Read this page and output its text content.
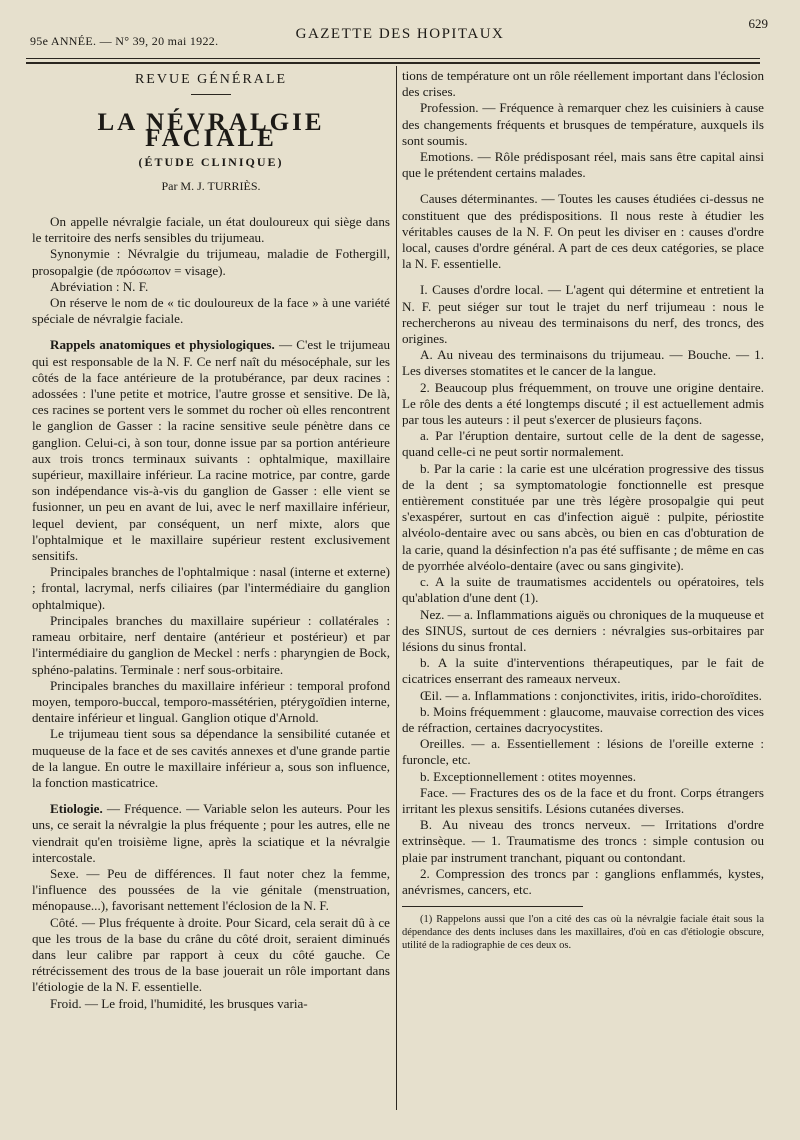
95e ANNÉE. — N° 39, 20 mai 1922.	GAZETTE DES HOPITAUX
629
REVUE GÉNÉRALE
LA NÉVRALGIE FACIALE
(ÉTUDE CLINIQUE)
Par M. J. TURRIÈS.

On appelle névralgie faciale, un état douloureux qui siège dans le territoire des nerfs sensibles du trijumeau.

Synonymie : Névralgie du trijumeau, maladie de Fothergill, prosopalgie (de πρόσωπον = visage).

Abréviation : N. F.

On réserve le nom de « tic douloureux de la face » à une variété spéciale de névralgie faciale.

Rappels anatomiques et physiologiques. — C'est le trijumeau qui est responsable de la N. F. Ce nerf naît du mésocéphale, sur les côtés de la face antérieure de la protubérance, par deux racines : adossées : l'une petite et motrice, l'autre grosse et sensitive. De là, ces racines se portent vers le sommet du rocher où elles rencontrent le ganglion de Gasser : la racine sensitive seule pénètre dans ce ganglion. Celui-ci, à son tour, donne issue par sa portion antérieure aux trois troncs terminaux suivants : ophtalmique, maxillaire supérieur, maxillaire inférieur. La racine motrice, par contre, garde son indépendance vis-à-vis du ganglion de Gasser : elle vient se fusionner, un peu en avant de lui, avec le nerf maxillaire inférieur, lequel devient, par conséquent, un nerf mixte, alors que l'ophtalmique et le maxillaire supérieur restent exclusivement sensitifs.

Principales branches de l'ophtalmique : nasal (interne et externe) ; frontal, lacrymal, nerfs ciliaires (par l'intermédiaire du ganglion ophtalmique).

Principales branches du maxillaire supérieur : collatérales : rameau orbitaire, nerf dentaire (antérieur et postérieur) et par l'intermédiaire du ganglion de Meckel : nerfs : pharyngien de Bock, sphéno-palatins. Terminale : nerf sous-orbitaire.

Principales branches du maxillaire inférieur : temporal profond moyen, temporo-buccal, temporo-massétérien, ptérygoïdien interne, dentaire inférieur et lingual. Ganglion otique d'Arnold.

Le trijumeau tient sous sa dépendance la sensibilité cutanée et muqueuse de la face et de ses cavités annexes et d'une grande partie de la langue. En outre le maxillaire inférieur a, sous son influence, la fonction masticatrice.

Etiologie. — Fréquence. — Variable selon les auteurs. Pour les uns, ce serait la névralgie la plus fréquente ; pour les autres, elle ne viendrait qu'en troisième ligne, après la sciatique et la névralgie intercostale.

Sexe. — Peu de différences. Il faut noter chez la femme, l'influence des poussées de la vie génitale (menstruation, ménopause...), favorisant nettement l'éclosion de la N. F.

Côté. — Plus fréquente à droite. Pour Sicard, cela serait dû à ce que les trous de la base du crâne du côté droit, seraient diminués dans leur calibre par rapport à ceux du côté gauche. Ce rétrécissement des trous de la base jouerait un rôle important dans l'étiologie de la N. F. essentielle.

Froid. — Le froid, l'humidité, les brusques varia-

tions de température ont un rôle réellement important dans l'éclosion des crises.

Profession. — Fréquence à remarquer chez les cuisiniers à cause des changements fréquents et brusques de température, auxquels ils sont soumis.

Emotions. — Rôle prédisposant réel, mais sans être capital ainsi que le prétendent certains malades.

Causes déterminantes. — Toutes les causes étudiées ci-dessus ne constituent que des prédispositions. Il nous reste à étudier les véritables causes de la N. F. On peut les diviser en : causes d'ordre local, causes d'ordre général. A part de ces deux catégories, se place la N. F. essentielle.

I. Causes d'ordre local. — L'agent qui détermine et entretient la N. F. peut siéger sur tout le trajet du nerf trijumeau : nous le rechercherons au niveau des terminaisons du nerf, des troncs, des origines.

A. Au niveau des terminaisons du trijumeau. — Bouche. — 1. Les diverses stomatites et le cancer de la langue.

2. Beaucoup plus fréquemment, on trouve une origine dentaire. Le rôle des dents a été longtemps discuté ; il est actuellement admis par tous les auteurs : il peut s'exercer de plusieurs façons.

a. Par l'éruption dentaire, surtout celle de la dent de sagesse, quand celle-ci ne peut sortir normalement.

b. Par la carie : la carie est une ulcération progressive des tissus de la dent ; sa symptomatologie fonctionnelle est presque entièrement constituée par une très légère prosopalgie qui peut s'exaspérer, surtout en cas d'infection aiguë : pulpite, périostite alvéolo-dentaire avec ou sans abcès, ou bien en cas d'obturation de la carie, quand la désinfection n'a pas été suffisante ; de même en cas de pyorrhée alvéolo-dentaire (avec ou sans gingivite).

c. A la suite de traumatismes accidentels ou opératoires, tels qu'ablation d'une dent (1).

Nez. — a. Inflammations aiguës ou chroniques de la muqueuse et des SINUS, surtout de ces derniers : névralgies sus-orbitaires par lésions du sinus frontal.

b. A la suite d'interventions thérapeutiques, par le fait de cicatrices enserrant des rameaux nerveux.

Œil. — a. Inflammations : conjonctivites, iritis, irido-choroïdites.

b. Moins fréquemment : glaucome, mauvaise correction des vices de réfraction, certaines dacryocystites.

Oreilles. — a. Essentiellement : lésions de l'oreille externe : furoncle, etc.

b. Exceptionnellement : otites moyennes.

Face. — Fractures des os de la face et du front. Corps étrangers irritant les plexus sensitifs. Lésions cutanées diverses.

B. Au niveau des troncs nerveux. — Irritations d'ordre extrinsèque. — 1. Traumatisme des troncs : simple contusion ou plaie par instrument tranchant, piquant ou contondant.

2. Compression des troncs par : ganglions enflammés, kystes, anévrismes, cancers, etc.

(1) Rappelons aussi que l'on a cité des cas où la névralgie faciale était sous la dépendance des dents incluses dans les maxillaires, d'où en cas d'étiologie obscure, utilité de la radiographie de ces deux os.
